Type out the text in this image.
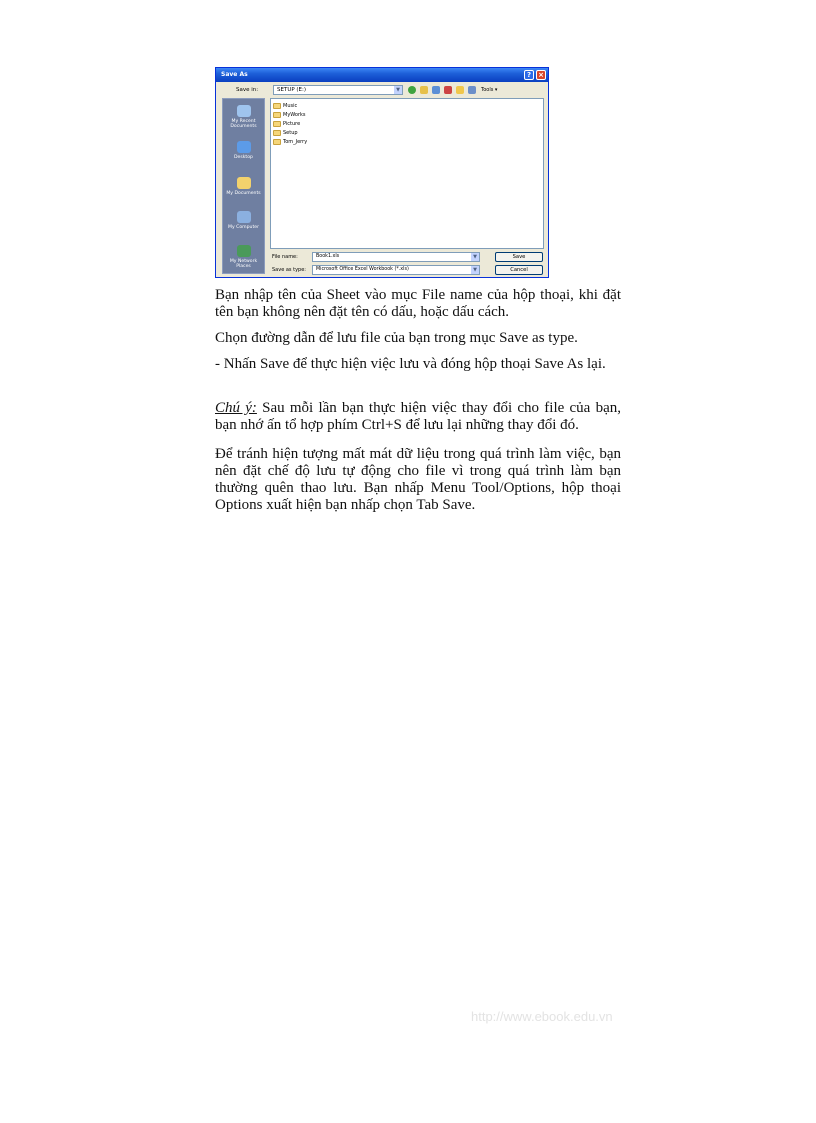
Save As	?	×
Save in:	SETUP (E:)	▼	Tools ▾
My Recent Documents
Desktop
My Documents
My Computer
My Network Places
Music
MyWorks
Picture
Setup
Tom_Jerry
File name:	Book1.xls	▼
Save as type: Microsoft Office Excel Workbook (*.xls)	▼
Save
Cancel

Bạn nhập tên của Sheet vào mục File name của hộp thoại, khi đặt tên bạn không nên đặt tên có dấu, hoặc dấu cách.

Chọn đường dẫn để lưu file của bạn trong mục Save as type.

- Nhấn Save để thực hiện việc lưu và đóng hộp thoại Save As lại.

Chú ý: Sau mỗi lần bạn thực hiện việc thay đổi cho file của bạn, bạn nhớ ấn tổ hợp phím Ctrl+S để lưu lại những thay đổi đó.

Để tránh hiện tượng mất mát dữ liệu trong quá trình làm việc, bạn nên đặt chế độ lưu tự động cho file vì trong quá trình làm bạn thường quên thao lưu. Bạn nhấp Menu Tool/Options, hộp thoại Options xuất hiện bạn nhấp chọn Tab Save.

http://www.ebook.edu.vn
